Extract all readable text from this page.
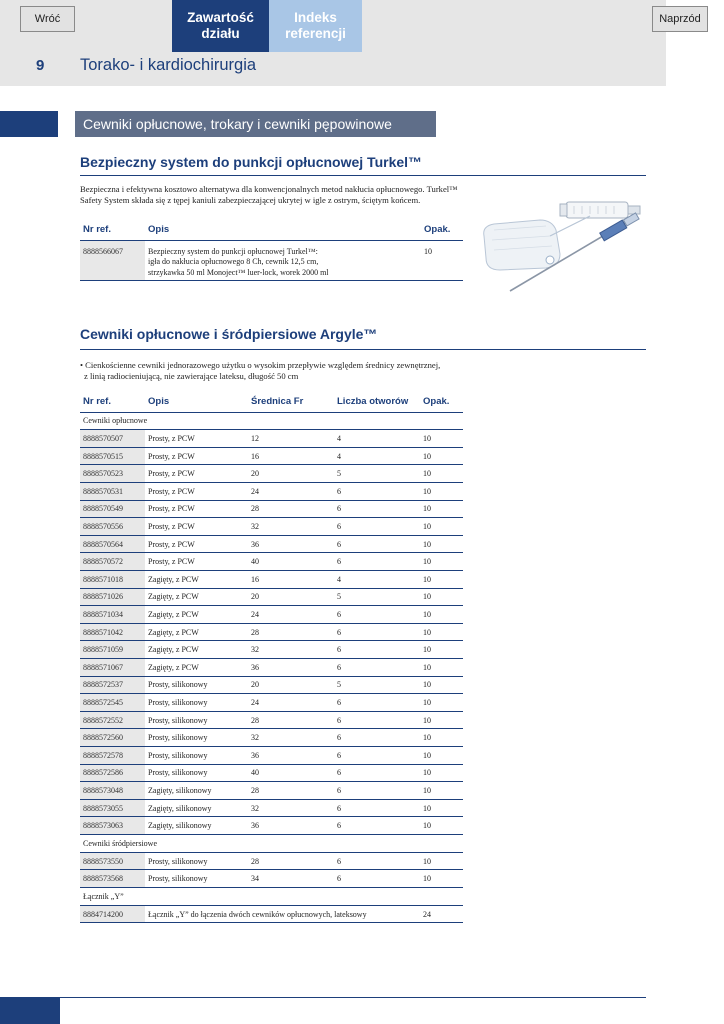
Wróć	Zawartość działu
Indeks referencji
Naprzód
9 Torako- i kardiochirurgia
Cewniki opłucnowe, trokary i cewniki pępowinowe
Bezpieczny system do punkcji opłucnowej Turkel™
Bezpieczna i efektywna kosztowo alternatywa dla konwencjonalnych metod nakłucia opłucnowego. Turkel™ Safety System składa się z tępej kaniuli zabezpieczającej ukrytej w igle z ostrym, ściętym końcem.
Nr ref.	Opis	Opak.
8888566067	Bezpieczny system do punkcji opłucnowej Turkel™:
igła do nakłucia opłucnowego 8 Ch, cewnik 12,5 cm,
strzykawka 50 ml Monoject™ luer-lock, worek 2000 ml	10
Cewniki opłucnowe i śródpiersiowe Argyle™
• Cienkościenne cewniki jednorazowego użytku o wysokim przepływie względem średnicy zewnętrznej,
z linią radiocieniującą, nie zawierające lateksu, długość 50 cm
Nr ref.	Opis	Średnica Fr	Liczba otworów	Opak.
Cewniki opłucnowe				
8888570507	Prosty, z PCW	12	4	10
8888570515	Prosty, z PCW	16	4	10
8888570523	Prosty, z PCW	20	5	10
8888570531	Prosty, z PCW	24	6	10
8888570549	Prosty, z PCW	28	6	10
8888570556	Prosty, z PCW	32	6	10
8888570564	Prosty, z PCW	36	6	10
8888570572	Prosty, z PCW	40	6	10
8888571018	Zagięty, z PCW	16	4	10
8888571026	Zagięty, z PCW	20	5	10
8888571034	Zagięty, z PCW	24	6	10
8888571042	Zagięty, z PCW	28	6	10
8888571059	Zagięty, z PCW	32	6	10
8888571067	Zagięty, z PCW	36	6	10
8888572537	Prosty, silikonowy	20	5	10
8888572545	Prosty, silikonowy	24	6	10
8888572552	Prosty, silikonowy	28	6	10
8888572560	Prosty, silikonowy	32	6	10
8888572578	Prosty, silikonowy	36	6	10
8888572586	Prosty, silikonowy	40	6	10
8888573048	Zagięty, silikonowy	28	6	10
8888573055	Zagięty, silikonowy	32	6	10
8888573063	Zagięty, silikonowy	36	6	10
Cewniki śródpiersiowe				
8888573550	Prosty, silikonowy	28	6	10
8888573568	Prosty, silikonowy	34	6	10
Łącznik „Y”				
8884714200	Łącznik „Y” do łączenia dwóch cewników opłucnowych, lateksowy			24
